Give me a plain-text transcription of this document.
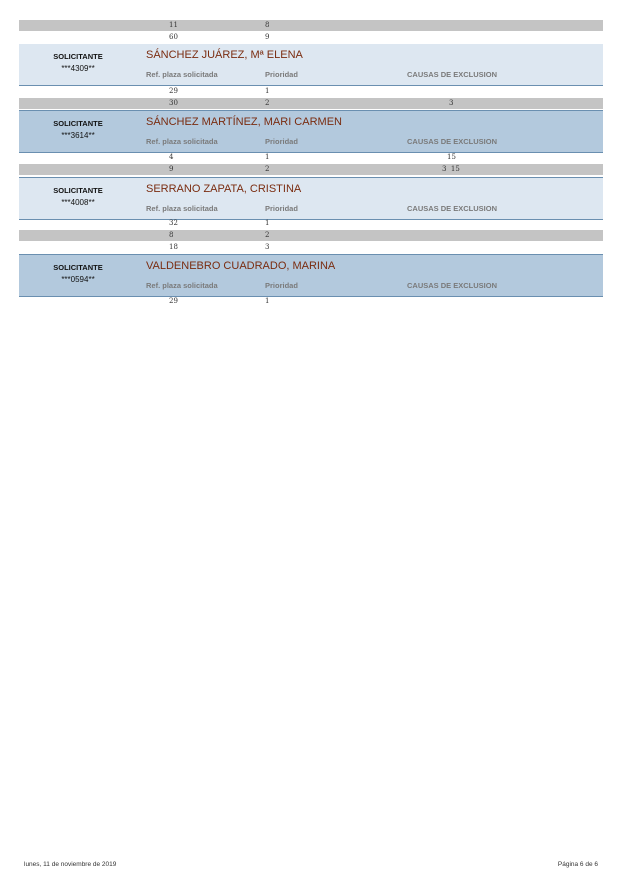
11	8
60	9
SOLICITANTE
***4309**
SÁNCHEZ JUÁREZ, Mª ELENA
Ref. plaza solicitada	Prioridad	CAUSAS DE EXCLUSION
29	1
30	2	3
SOLICITANTE
***3614**
SÁNCHEZ MARTÍNEZ, MARI CARMEN
Ref. plaza solicitada	Prioridad	CAUSAS DE EXCLUSION
4	1	15
9	2	3  15
SOLICITANTE
***4008**
SERRANO ZAPATA, CRISTINA
Ref. plaza solicitada	Prioridad	CAUSAS DE EXCLUSION
32	1
8	2
18	3
SOLICITANTE
***0594**
VALDENEBRO CUADRADO, MARINA
Ref. plaza solicitada	Prioridad	CAUSAS DE EXCLUSION
29	1
lunes, 11 de noviembre de 2019	Página 6 de 6
